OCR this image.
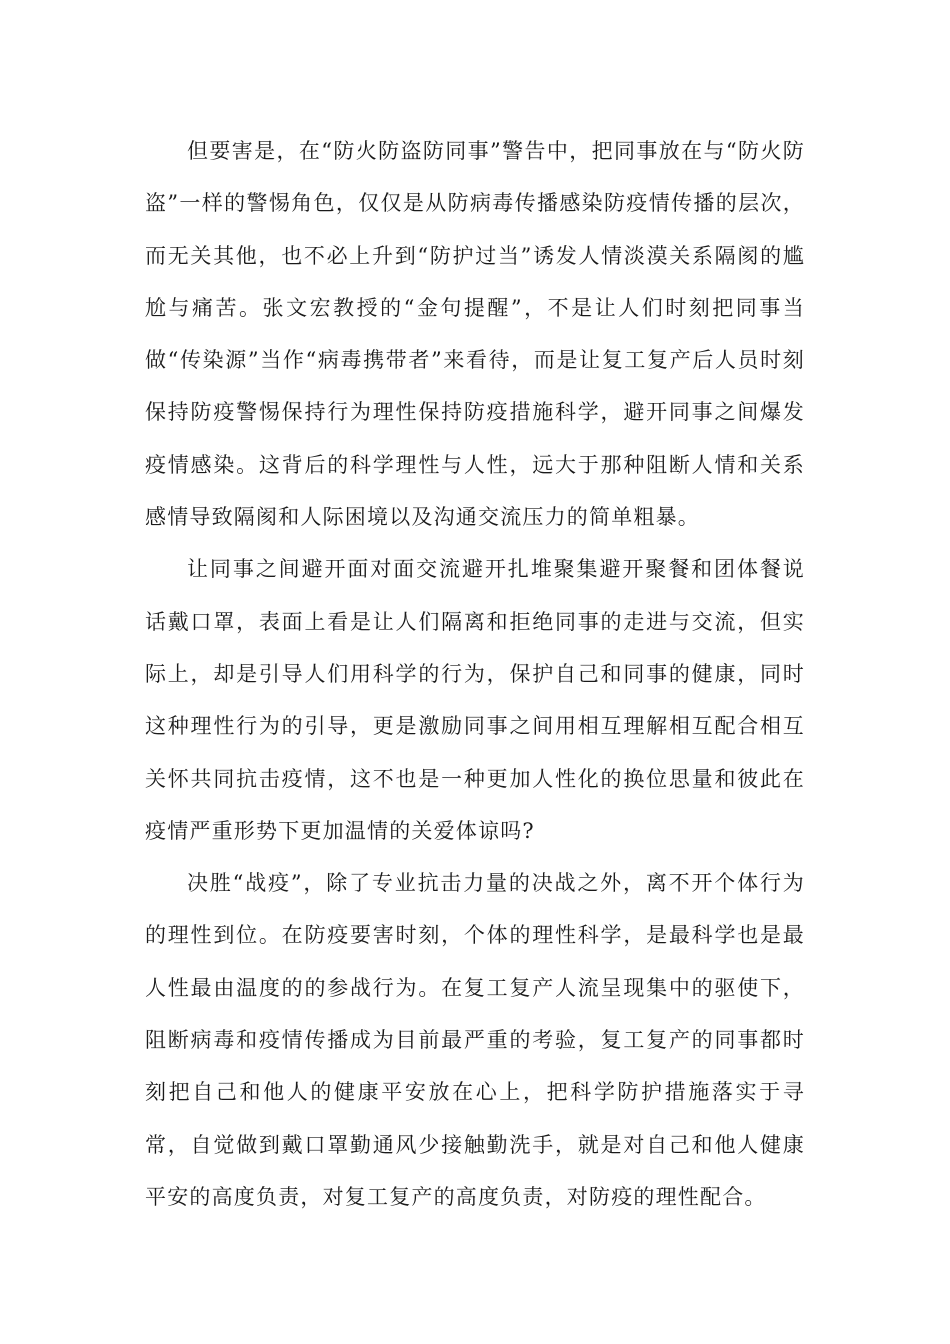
但要害是，在“防火防盗防同事”警告中，把同事放在与“防火防盗”一样的警惕角色，仅仅是从防病毒传播感染防疫情传播的层次，而无关其他，也不必上升到“防护过当”诱发人情淡漠关系隔阂的尴尬与痛苦。张文宏教授的“金句提醒”，不是让人们时刻把同事当做“传染源”当作“病毒携带者”来看待，而是让复工复产后人员时刻保持防疫警惕保持行为理性保持防疫措施科学，避开同事之间爆发疫情感染。这背后的科学理性与人性，远大于那种阻断人情和关系感情导致隔阂和人际困境以及沟通交流压力的简单粗暴。

让同事之间避开面对面交流避开扎堆聚集避开聚餐和团体餐说话戴口罩，表面上看是让人们隔离和拒绝同事的走进与交流，但实际上，却是引导人们用科学的行为，保护自己和同事的健康，同时这种理性行为的引导，更是激励同事之间用相互理解相互配合相互关怀共同抗击疫情，这不也是一种更加人性化的换位思量和彼此在疫情严重形势下更加温情的关爱体谅吗?

决胜“战疫”，除了专业抗击力量的决战之外，离不开个体行为的理性到位。在防疫要害时刻，个体的理性科学，是最科学也是最人性最由温度的的参战行为。在复工复产人流呈现集中的驱使下，阻断病毒和疫情传播成为目前最严重的考验，复工复产的同事都时刻把自己和他人的健康平安放在心上，把科学防护措施落实于寻常，自觉做到戴口罩勤通风少接触勤洗手，就是对自己和他人健康平安的高度负责，对复工复产的高度负责，对防疫的理性配合。
